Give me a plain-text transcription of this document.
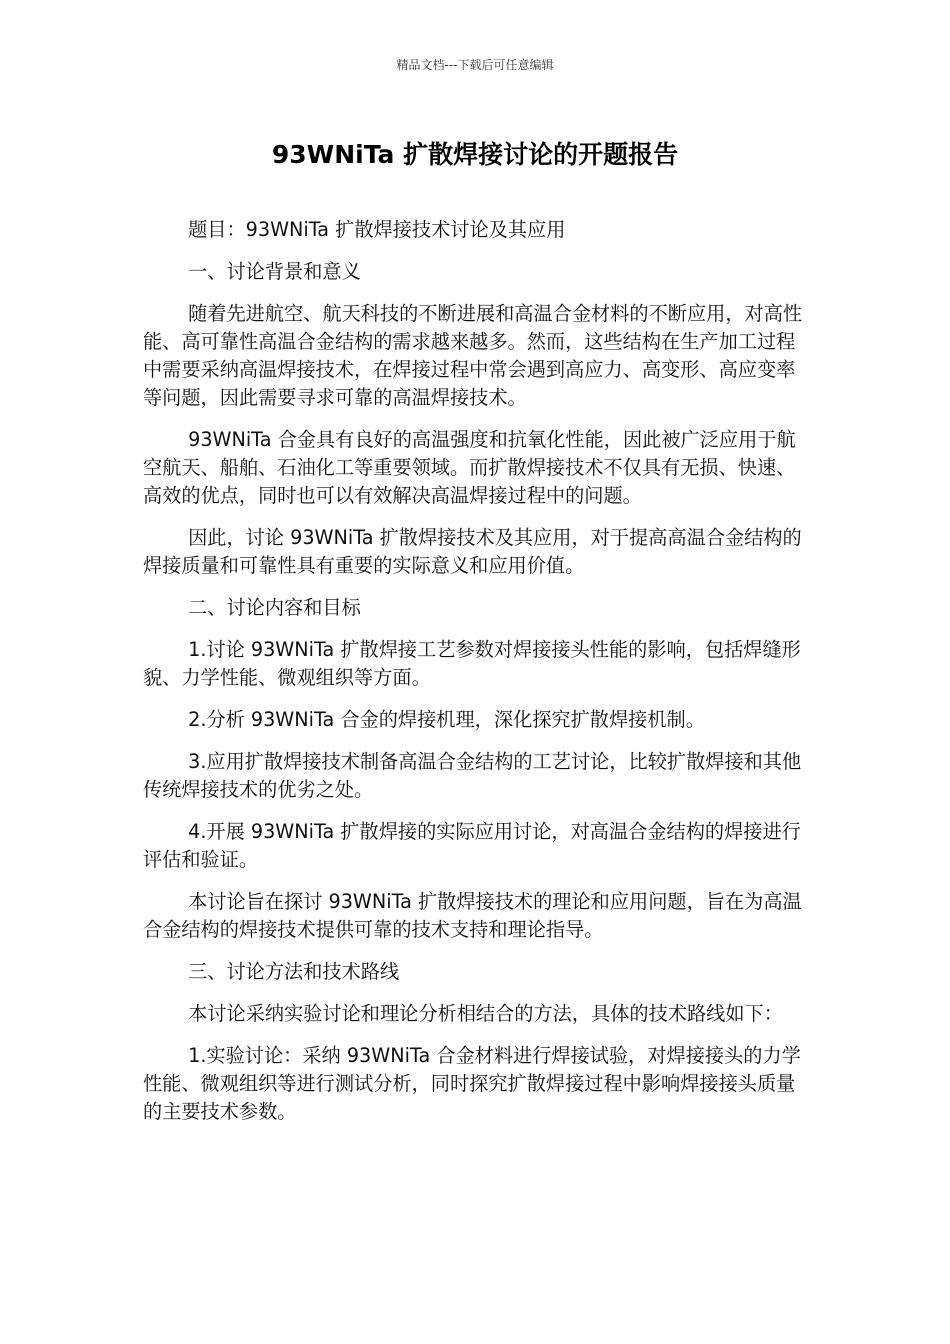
精品文档---下载后可任意编辑
93WNiTa 扩散焊接讨论的开题报告

题目：93WNiTa 扩散焊接技术讨论及其应用

一、讨论背景和意义

随着先进航空、航天科技的不断进展和高温合金材料的不断应用，对高性能、高可靠性高温合金结构的需求越来越多。然而，这些结构在生产加工过程中需要采纳高温焊接技术，在焊接过程中常会遇到高应力、高变形、高应变率等问题，因此需要寻求可靠的高温焊接技术。

93WNiTa 合金具有良好的高温强度和抗氧化性能，因此被广泛应用于航空航天、船舶、石油化工等重要领域。而扩散焊接技术不仅具有无损、快速、高效的优点，同时也可以有效解决高温焊接过程中的问题。

因此，讨论 93WNiTa 扩散焊接技术及其应用，对于提高高温合金结构的焊接质量和可靠性具有重要的实际意义和应用价值。

二、讨论内容和目标

1.讨论 93WNiTa 扩散焊接工艺参数对焊接接头性能的影响，包括焊缝形貌、力学性能、微观组织等方面。

2.分析 93WNiTa 合金的焊接机理，深化探究扩散焊接机制。

3.应用扩散焊接技术制备高温合金结构的工艺讨论，比较扩散焊接和其他传统焊接技术的优劣之处。

4.开展 93WNiTa 扩散焊接的实际应用讨论，对高温合金结构的焊接进行评估和验证。

本讨论旨在探讨 93WNiTa 扩散焊接技术的理论和应用问题，旨在为高温合金结构的焊接技术提供可靠的技术支持和理论指导。

三、讨论方法和技术路线

本讨论采纳实验讨论和理论分析相结合的方法，具体的技术路线如下：

1.实验讨论：采纳 93WNiTa 合金材料进行焊接试验，对焊接接头的力学性能、微观组织等进行测试分析，同时探究扩散焊接过程中影响焊接接头质量的主要技术参数。
